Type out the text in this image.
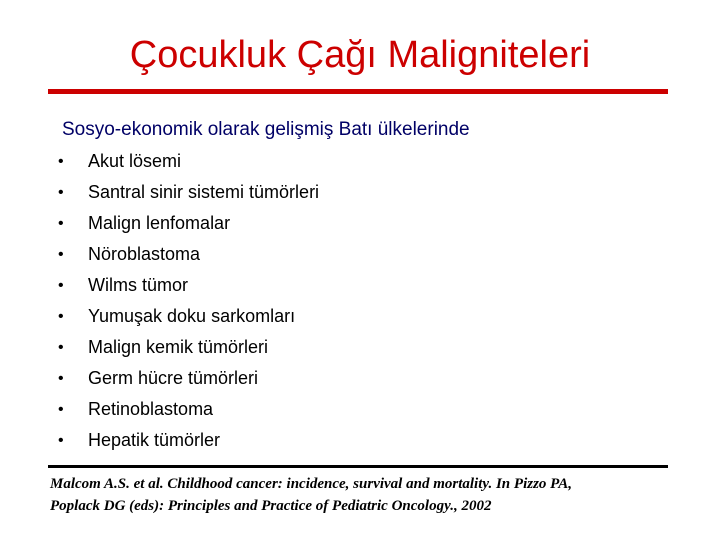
Çocukluk Çağı Maligniteleri
Sosyo-ekonomik olarak gelişmiş Batı ülkelerinde
•	Akut lösemi
•	Santral sinir sistemi tümörleri
•	Malign lenfomalar
•	Nöroblastoma
•	Wilms tümor
•	Yumuşak doku sarkomları
•	Malign kemik tümörleri
•	Germ hücre tümörleri
•	Retinoblastoma
•	Hepatik tümörler
Malcom A.S. et al. Childhood cancer: incidence, survival and mortality. In Pizzo PA,
Poplack DG (eds): Principles and Practice of Pediatric Oncology., 2002
